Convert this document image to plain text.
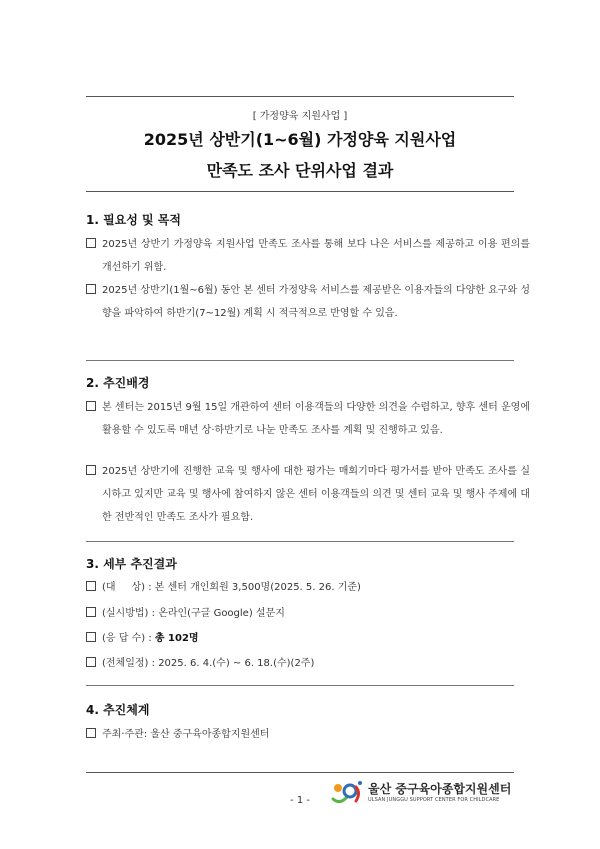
[ 가정양육 지원사업 ]
2025년 상반기(1~6월) 가정양육 지원사업
만족도 조사 단위사업 결과
1. 필요성 및 목적
2025년 상반기 가정양육 지원사업 만족도 조사를 통해 보다 나은 서비스를 제공하고 이용 편의를 개선하기 위함.
2025년 상반기(1월~6월) 동안 본 센터 가정양육 서비스를 제공받은 이용자들의 다양한 요구와 성향을 파악하여 하반기(7~12월) 계획 시 적극적으로 반영할 수 있음.
2. 추진배경
본 센터는 2015년 9월 15일 개관하여 센터 이용객들의 다양한 의견을 수렴하고, 향후 센터 운영에 활용할 수 있도록 매년 상·하반기로 나눈 만족도 조사를 계획 및 진행하고 있음.
2025년 상반기에 진행한 교육 및 행사에 대한 평가는 매회기마다 평가서를 받아 만족도 조사를 실시하고 있지만 교육 및 행사에 참여하지 않은 센터 이용객들의 의견 및 센터 교육 및 행사 주제에 대한 전반적인 만족도 조사가 필요함.
3. 세부 추진결과
(대     상) : 본 센터 개인회원 3,500명(2025. 5. 26. 기준)
(실시방법) : 온라인(구글 Google) 설문지
(응 답 수) : 총 102명
(전체일정) : 2025. 6. 4.(수) ~ 6. 18.(수)(2주)
4. 추진체계
주최·주관: 울산 중구육아종합지원센터
- 1 -
울산 중구육아종합지원센터
ULSAN JUNGGU SUPPORT CENTER FOR CHILDCARE
